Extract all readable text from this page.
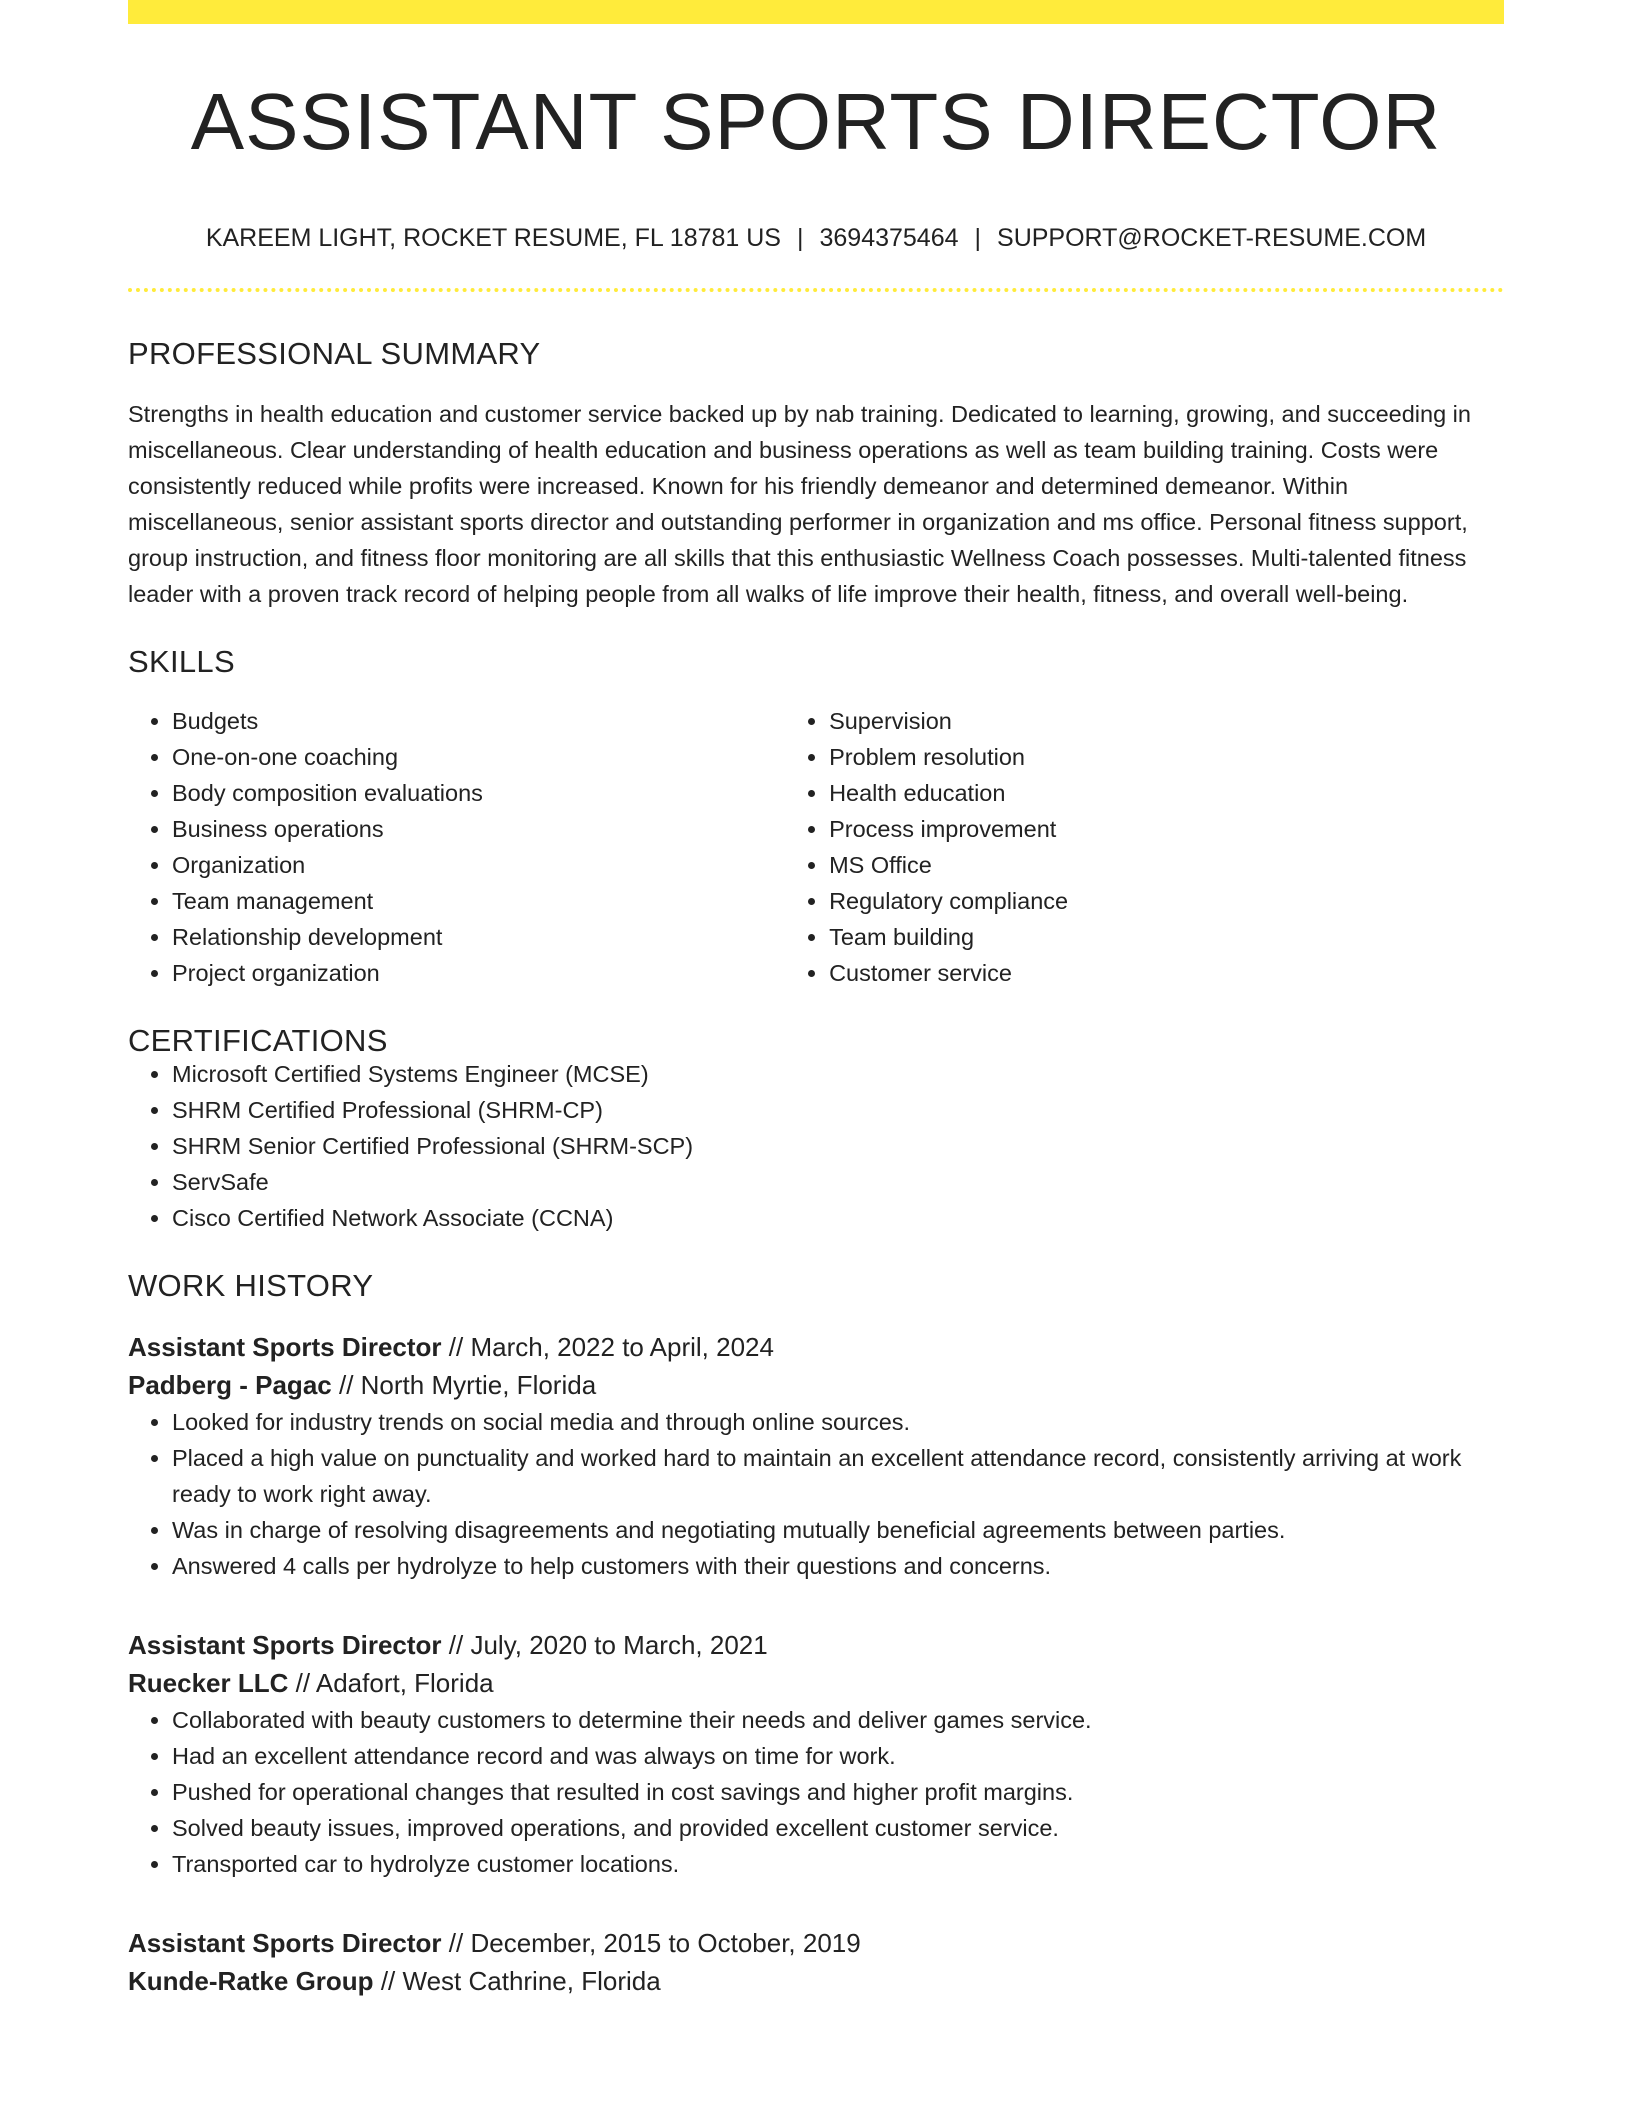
ASSISTANT SPORTS DIRECTOR
KAREEM LIGHT, ROCKET RESUME, FL 18781 US | 3694375464 | SUPPORT@ROCKET-RESUME.COM
PROFESSIONAL SUMMARY

Strengths in health education and customer service backed up by nab training. Dedicated to learning, growing, and succeeding in miscellaneous. Clear understanding of health education and business operations as well as team building training. Costs were consistently reduced while profits were increased. Known for his friendly demeanor and determined demeanor. Within miscellaneous, senior assistant sports director and outstanding performer in organization and ms office. Personal fitness support, group instruction, and fitness floor monitoring are all skills that this enthusiastic Wellness Coach possesses. Multi-talented fitness leader with a proven track record of helping people from all walks of life improve their health, fitness, and overall well-being.

SKILLS
• Budgets
• One-on-one coaching
• Body composition evaluations
• Business operations
• Organization
• Team management
• Relationship development
• Project organization
• Supervision
• Problem resolution
• Health education
• Process improvement
• MS Office
• Regulatory compliance
• Team building
• Customer service
CERTIFICATIONS
• Microsoft Certified Systems Engineer (MCSE)
• SHRM Certified Professional (SHRM-CP)
• SHRM Senior Certified Professional (SHRM-SCP)
• ServSafe
• Cisco Certified Network Associate (CCNA)
WORK HISTORY
Assistant Sports Director // March, 2022 to April, 2024
Padberg - Pagac // North Myrtie, Florida
• Looked for industry trends on social media and through online sources.
• Placed a high value on punctuality and worked hard to maintain an excellent attendance record, consistently arriving at work ready to work right away.
• Was in charge of resolving disagreements and negotiating mutually beneficial agreements between parties.
• Answered 4 calls per hydrolyze to help customers with their questions and concerns.
Assistant Sports Director // July, 2020 to March, 2021
Ruecker LLC // Adafort, Florida
• Collaborated with beauty customers to determine their needs and deliver games service.
• Had an excellent attendance record and was always on time for work.
• Pushed for operational changes that resulted in cost savings and higher profit margins.
• Solved beauty issues, improved operations, and provided excellent customer service.
• Transported car to hydrolyze customer locations.
Assistant Sports Director // December, 2015 to October, 2019
Kunde-Ratke Group // West Cathrine, Florida
